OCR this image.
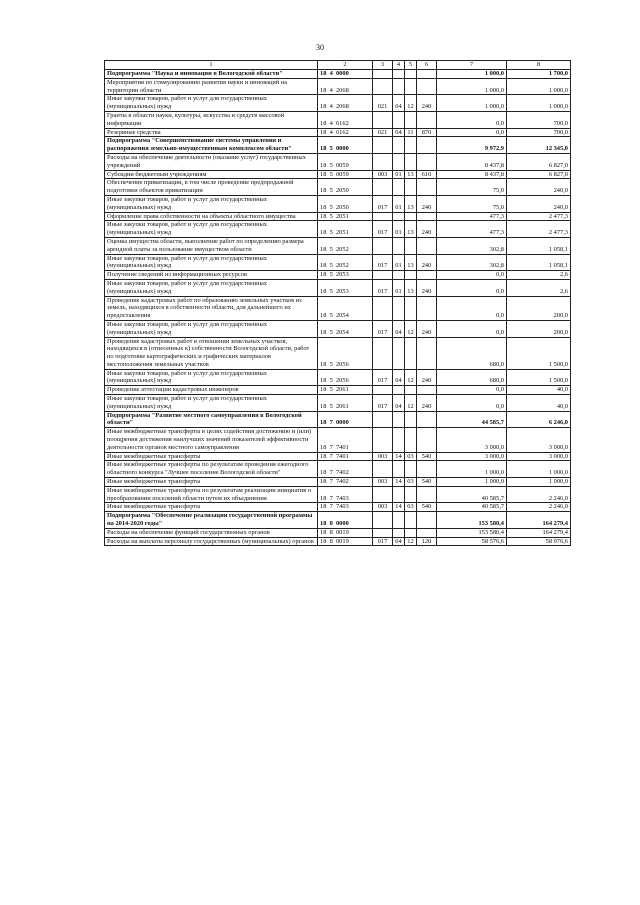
30
1	2	3	4	5	6	7	8
Подпрограмма "Наука и инновации в Вологодской области"	18  4  0000					1 000,0	1 700,0
Мероприятия по стимулированию развития науки и инноваций на территории области	18  4  2068					1 000,0	1 000,0
Иные закупки товаров, работ и услуг для государственных (муниципальных) нужд	18  4  2068	021	04	12	240	1 000,0	1 000,0
Гранты в области науки, культуры, искусства и средств массовой информации	18  4  6162					0,0	700,0
Резервные средства	18  4  6162	021	04	11	870	0,0	700,0
Подпрограмма "Совершенствование системы управления и распоряжения земельно-имущественным комплексом области"	18  5  0000					9 972,9	12 345,0
Расходы на обеспечение деятельности (оказание услуг) государственных учреждений	18  5  0059					8 437,8	6 827,0
Субсидии бюджетным учреждениям	18  5  0059	003	01	13	610	8 437,8	6 827,0
Обеспечение приватизации, в том числе проведение предпродажной подготовки объектов приватизации	18  5  2050					75,0	240,0
Иные закупки товаров, работ и услуг для государственных (муниципальных) нужд	18  5  2050	017	01	13	240	75,0	240,0
Оформление права собственности на объекты областного имущества	18  5  2051					477,3	2 477,3
Иные закупки товаров, работ и услуг для государственных (муниципальных) нужд	18  5  2051	017	01	13	240	477,3	2 477,3
Оценка имущества области, выполнение работ по определению размера арендной платы за пользование имуществом области	18  5  2052					302,8	1 058,1
Иные закупки товаров, работ и услуг для государственных (муниципальных) нужд	18  5  2052	017	01	13	240	302,8	1 058,1
Получение сведений из информационных ресурсов	18  5  2053					0,0	2,6
Иные закупки товаров, работ и услуг для государственных (муниципальных) нужд	18  5  2053	017	01	13	240	0,0	2,6
Проведение кадастровых работ по образованию земельных участков из земель, находящихся в собственности области, для дальнейшего их предоставления	18  5  2054					0,0	200,0
Иные закупки товаров, работ и услуг для государственных (муниципальных) нужд	18  5  2054	017	04	12	240	0,0	200,0
Проведение кадастровых работ в отношении земельных участков, находящихся в (отнесенных к) собственности Вологодской области, работ по подготовке картографических и графических материалов местоположения земельных участков	18  5  2056					680,0	1 500,0
Иные закупки товаров, работ и услуг для государственных (муниципальных) нужд	18  5  2056	017	04	12	240	680,0	1 500,0
Проведение аттестации кадастровых инженеров	18  5  2061					0,0	40,0
Иные закупки товаров, работ и услуг для государственных (муниципальных) нужд	18  5  2061	017	04	12	240	0,0	40,0
Подпрограмма "Развитие местного самоуправления в Вологодской области"	18  7  0000					44 585,7	6 246,0
Иные межбюджетные трансферты в целях содействия достижению и (или) поощрения достижения наилучших значений показателей эффективности деятельности органов местного самоуправления	18  7  7401					3 000,0	3 000,0
Иные межбюджетные трансферты	18  7  7401	003	14	03	540	3 000,0	3 000,0
Иные межбюджетные трансферты по результатам проведения ежегодного областного конкурса "Лучшее поселение Вологодской области"	18  7  7402					1 000,0	1 000,0
Иные межбюджетные трансферты	18  7  7402	003	14	03	540	1 000,0	1 000,0
Иные межбюджетные трансферты по результатам реализации инициатив о преобразовании поселений области путем их объединения	18  7  7403					40 585,7	2 246,0
Иные межбюджетные трансферты	18  7  7403	003	14	03	540	40 585,7	2 246,0
Подпрограмма "Обеспечение реализации государственной программы на 2014-2020 годы"	18  8  0000					153 580,4	164 279,4
Расходы на обеспечение функций государственных органов	18  8  0019					153 580,4	164 279,4
Расходы на выплаты персоналу государственных (муниципальных) органов	18  8  0019	017	04	12	120	58 576,6	58 976,6
